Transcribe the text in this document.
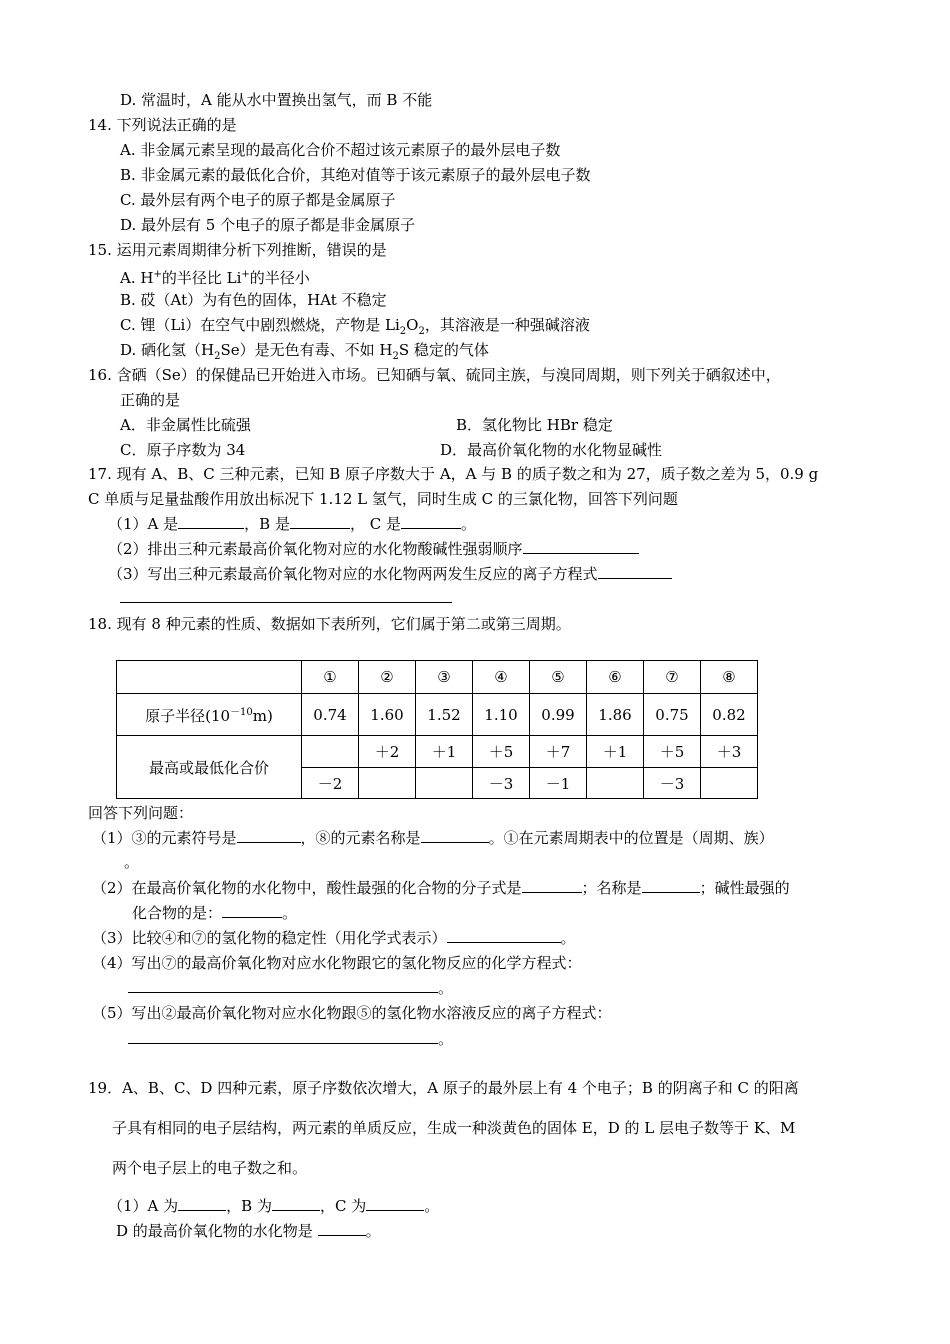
D. 常温时，A 能从水中置换出氢气，而 B 不能
14. 下列说法正确的是
A. 非金属元素呈现的最高化合价不超过该元素原子的最外层电子数
B. 非金属元素的最低化合价，其绝对值等于该元素原子的最外层电子数
C. 最外层有两个电子的原子都是金属原子
D. 最外层有 5 个电子的原子都是非金属原子
15. 运用元素周期律分析下列推断，错误的是
A. H+的半径比 Li+的半径小
B. 砹（At）为有色的固体，HAt 不稳定
C. 锂（Li）在空气中剧烈燃烧，产物是 $Li_2O_2$，其溶液是一种强碱溶液
D. 硒化氢$(H_2Se)$是无色有毒、不如 $H_2S$ 稳定的气体
16. 含硒（Se）的保健品已开始进入市场。已知硒与氧、硫同主族，与溴同周期，则下列关于硒叙述中，
正确的是
A．非金属性比硫强	B．氢化物比 HBr 稳定
C．原子序数为 34	D．最高价氧化物的水化物显碱性
17. 现有 A、B、C 三种元素，已知 B 原子序数大于 A，A 与 B 的质子数之和为 27，质子数之差为 5，0.9 g
C 单质与足量盐酸作用放出标况下 1.12 L 氢气，同时生成 C 的三氯化物，回答下列问题
（1）A 是	，B 是	， C 是	。
（2）排出三种元素最高价氧化物对应的水化物酸碱性强弱顺序
（3）写出三种元素最高价氧化物对应的水化物两两发生反应的离子方程式
18. 现有 8 种元素的性质、数据如下表所列，它们属于第二或第三周期。
	①	②	③	④	⑤	⑥	⑦	⑧
原子半径$(10^{-10}m)$	0.74	1.60	1.52	1.10	0.99	1.86	0.75	0.82
最高或最低化合价		＋2	＋1	＋5	＋7	＋1	＋5	＋3
	－2			－3	－1		－3	
回答下列问题：
（1）③的元素符号是	，⑧的元素名称是	。①在元素周期表中的位置是（周期、族）
。
（2）在最高价氧化物的水化物中，酸性最强的化合物的分子式是	；名称是	；碱性最强的
化合物的是：	。
（3）比较④和⑦的氢化物的稳定性（用化学式表示）	。
（4）写出⑦的最高价氧化物对应水化物跟它的氢化物反应的化学方程式：
。
（5）写出②最高价氧化物对应水化物跟⑤的氢化物水溶液反应的离子方程式：
。
19．A、B、C、D 四种元素，原子序数依次增大，A 原子的最外层上有 4 个电子；B 的阴离子和 C 的阳离
子具有相同的电子层结构，两元素的单质反应，生成一种淡黄色的固体 E，D 的 L 层电子数等于 K、M
两个电子层上的电子数之和。
（1）A 为	，B 为	，C 为	。
D 的最高价氧化物的水化物是	。
